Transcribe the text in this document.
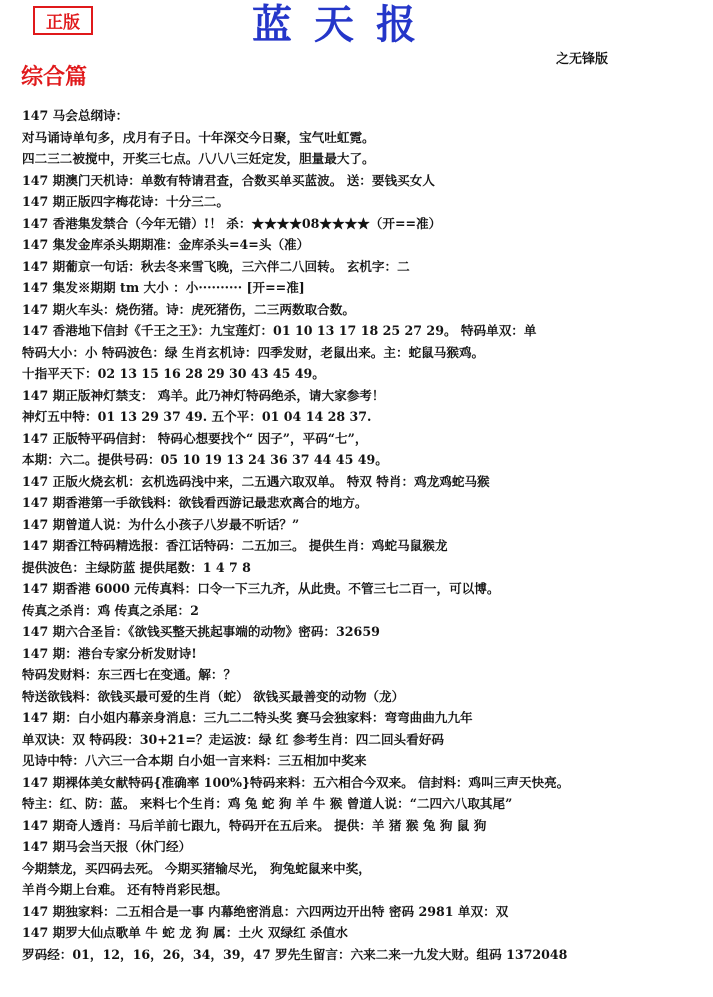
正版	蓝天报
之无锋版
综合篇
147 马会总纲诗：
对马诵诗单句多，戌月有子日。十年深交今日聚，宝气吐虹霓。
四二三二被搅中，开奖三七点。八八八三妊定发，胆量最大了。
147 期澳门天机诗：单数有特请君查，合数买单买蓝波。 送：要钱买女人
147 期正版四字梅花诗：十分三二。
147 香港集发禁合（今年无错）!！ 杀：★★★★08★★★★（开==准）
147 集发金库杀头期期准：金库杀头=4=头（准）
147 期葡京一句话：秋去冬来雪飞晚，三六伴二八回转。 玄机字：二
147 集发※期期 tm 大小 ：小·········· [开==准]
147 期火车头：烧伤猪。诗：虎死猪伤，二三两数取合数。
147 香港地下信封《千王之王》：九宝莲灯：01 10 13 17 18 25 27 29。 特码单双：单
特码大小：小 特码波色：绿 生肖玄机诗：四季发财，老鼠出来。主：蛇鼠马猴鸡。
十指平天下：02 13 15 16 28 29 30 43 45 49。
147 期正版神灯禁支： 鸡羊。此乃神灯特码绝杀，请大家参考！
神灯五中特：01 13 29 37 49. 五个平：01 04 14 28 37.
147 正版特平码信封： 特码心想要找个“ 因子”，平码“七”，
本期：六二。提供号码：05 10 19 13 24 36 37 44 45 49。
147 正版火烧玄机：玄机选码浅中来，二五遇六取双单。 特双 特肖：鸡龙鸡蛇马猴
147 期香港第一手欲钱料：欲钱看西游记最悲欢离合的地方。
147 期曾道人说：为什么小孩子八岁最不听话？”
147 期香江特码精选报：香江话特码：二五加三。 提供生肖：鸡蛇马鼠猴龙
提供波色：主绿防蓝 提供尾数：1 4 7 8
147 期香港 6000 元传真料：口令一下三九齐，从此贵。不管三七二百一，可以博。
传真之杀肖：鸡 传真之杀尾：2
147 期六合圣旨：《欲钱买整天挑起事端的动物》密码：32659
147 期：港台专家分析发财诗!
特码发财料：东三西七在变通。解：？
特送欲钱料：欲钱买最可爱的生肖（蛇） 欲钱买最善变的动物（龙）
147 期：白小姐内幕亲身消息：三九二二特头奖 赛马会独家料：弯弯曲曲九九年
单双诀：双 特码段：30+21=？走运波：绿 红 参考生肖：四二回头看好码
见诗中特：八六三一合本期 白小姐一言来料：三五相加中奖来
147 期裸体美女献特码{准确率 100%}特码来料：五六相合今双来。 信封料：鸡叫三声天快亮。
特主：红、防：蓝。 来料七个生肖：鸡 兔 蛇 狗 羊 牛 猴 曾道人说：“二四六八取其尾”
147 期奇人透肖：马后羊前七跟九，特码开在五后来。 提供：羊 猪 猴 兔 狗 鼠 狗
147 期马会当天报（休门经）
今期禁龙，买四码去死。 今期买猪输尽光， 狗兔蛇鼠来中奖，
羊肖今期上台难。 还有特肖彩民想。
147 期独家料：二五相合是一事 内幕绝密消息：六四两边开出特 密码 2981 单双：双
147 期罗大仙点歌单 牛 蛇 龙 狗 属：土火 双绿红 杀值水
罗码经：01，12，16，26，34，39，47 罗先生留言：六来二来一九发大财。组码 1372048
